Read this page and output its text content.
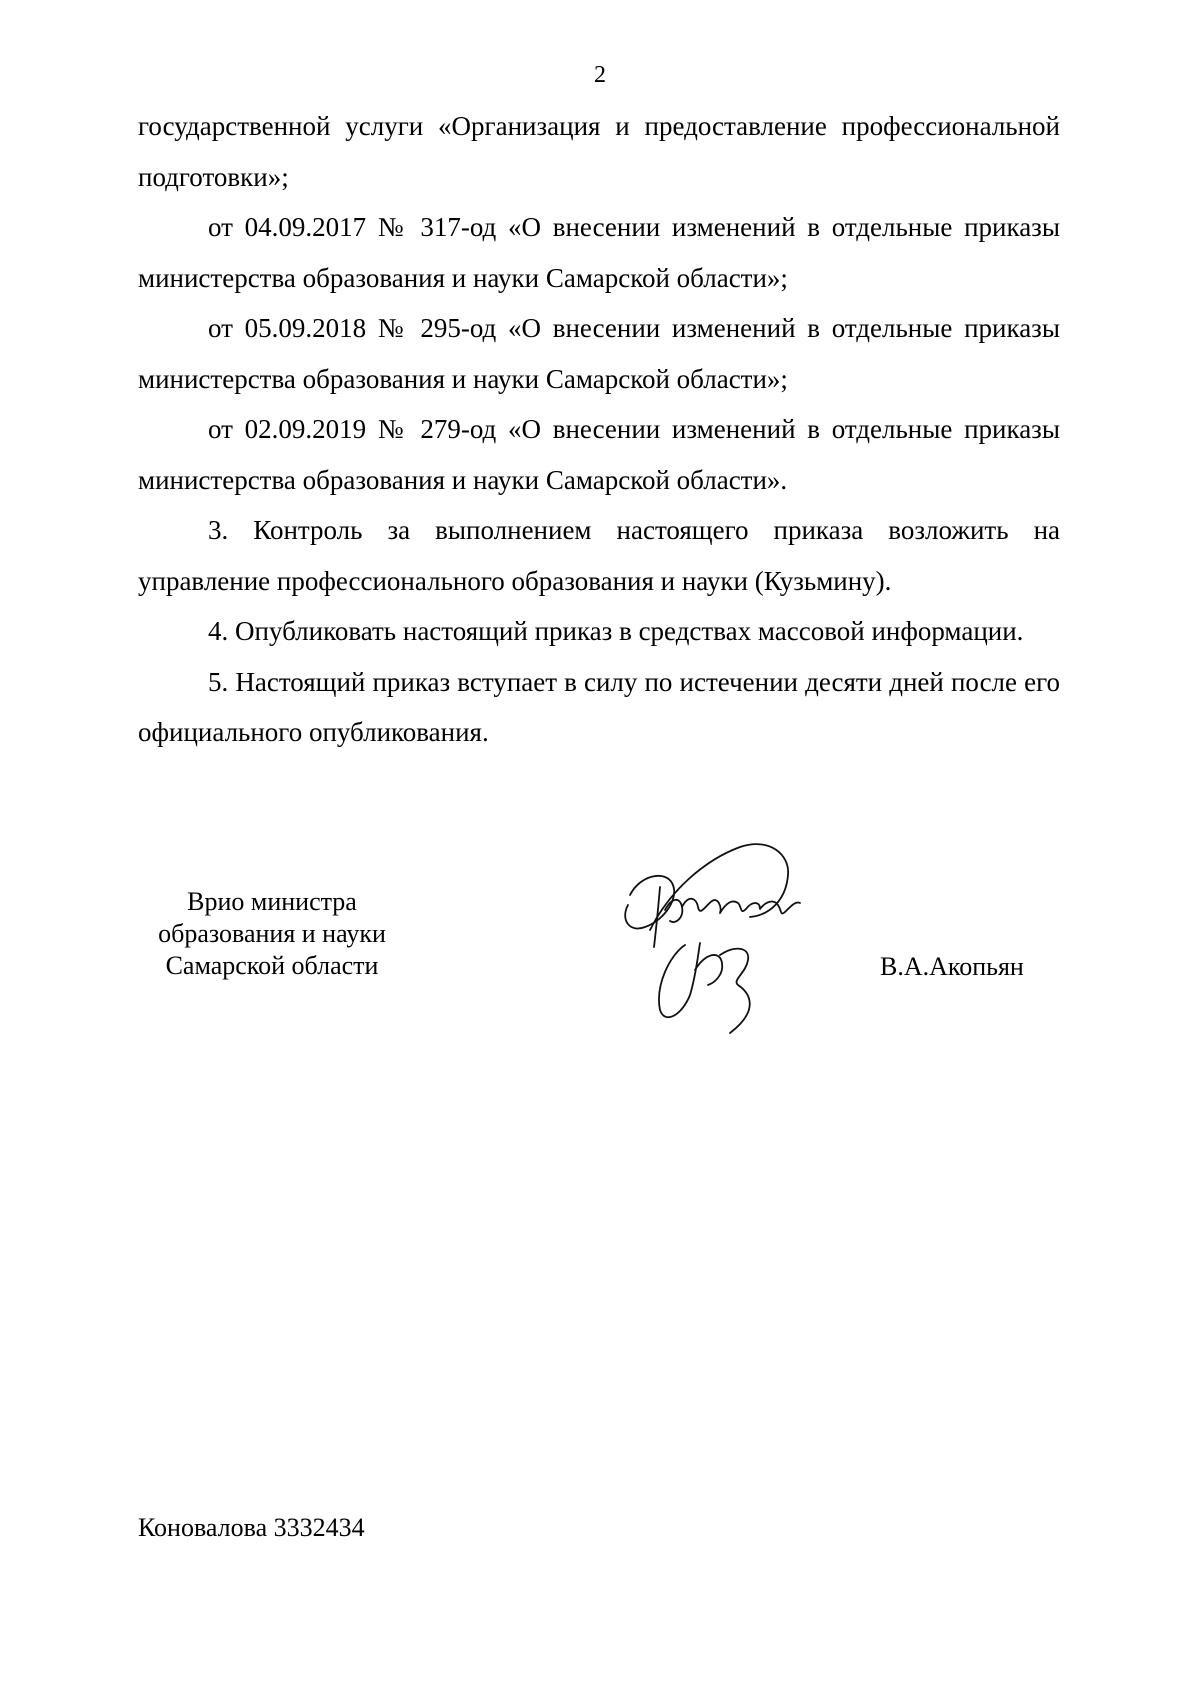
2

государственной услуги «Организация и предоставление профессиональной подготовки»;

от 04.09.2017 № 317-од «О внесении изменений в отдельные приказы министерства образования и науки Самарской области»;

от 05.09.2018 № 295-од «О внесении изменений в отдельные приказы министерства образования и науки Самарской области»;

от 02.09.2019 № 279-од «О внесении изменений в отдельные приказы министерства образования и науки Самарской области».

3. Контроль за выполнением настоящего приказа возложить на управление профессионального образования и науки (Кузьмину).

4. Опубликовать настоящий приказ в средствах массовой информации.

5. Настоящий приказ вступает в силу по истечении десяти дней после его официального опубликования.

Врио министра
образования и науки
Самарской области	В.А.Акопьян
Коновалова 3332434
